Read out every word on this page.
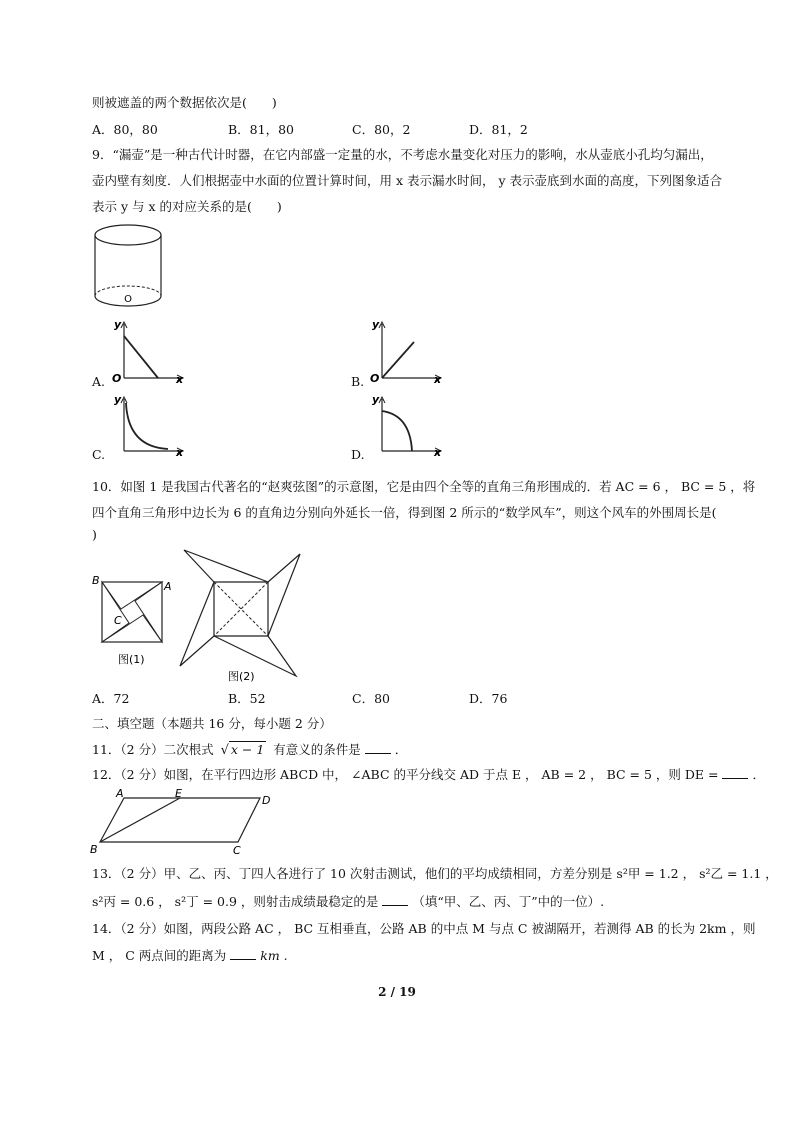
则被遮盖的两个数据依次是(　　)
A．80，80	B．81，80	C．80，2	D．81，2
9．“漏壶”是一种古代计时器，在它内部盛一定量的水，不考虑水量变化对压力的影响，水从壶底小孔均匀漏出，
壶内壁有刻度．人们根据壶中水面的位置计算时间，用 x 表示漏水时间， y 表示壶底到水面的高度，下列图象适合
表示 y 与 x 的对应关系的是(　　)
O
A.
y
x
O	B.
y
x
O
C.
y
x	D.
y
x
10．如图 1 是我国古代著名的“赵爽弦图”的示意图，它是由四个全等的直角三角形围成的．若 AC = 6 ， BC = 5 ，将
四个直角三角形中边长为 6 的直角边分别向外延长一倍，得到图 2 所示的“数学风车”，则这个风车的外围周长是(
)
B	A
C
图(1)
图(2)
A．72	B．52	C．80	D．76
二、填空题（本题共 16 分，每小题 2 分）
11．（2 分）二次根式 √ x − 1 有意义的条件是	．
12．（2 分）如图，在平行四边形 ABCD 中， ∠ABC 的平分线交 AD 于点 E ， AB = 2 ， BC = 5 ，则 DE =	．
A	E
D
B	C
13．（2 分）甲、乙、丙、丁四人各进行了 10 次射击测试，他们的平均成绩相同，方差分别是 s²甲 = 1.2 ， s²乙 = 1.1 ，
s²丙 = 0.6 ， s²丁 = 0.9 ，则射击成绩最稳定的是	（填“甲、乙、丙、丁”中的一位）.
14．（2 分）如图，两段公路 AC ， BC 互相垂直，公路 AB 的中点 M 与点 C 被湖隔开，若测得 AB 的长为 2km ，则
M ， C 两点间的距离为	km .
2 / 19
